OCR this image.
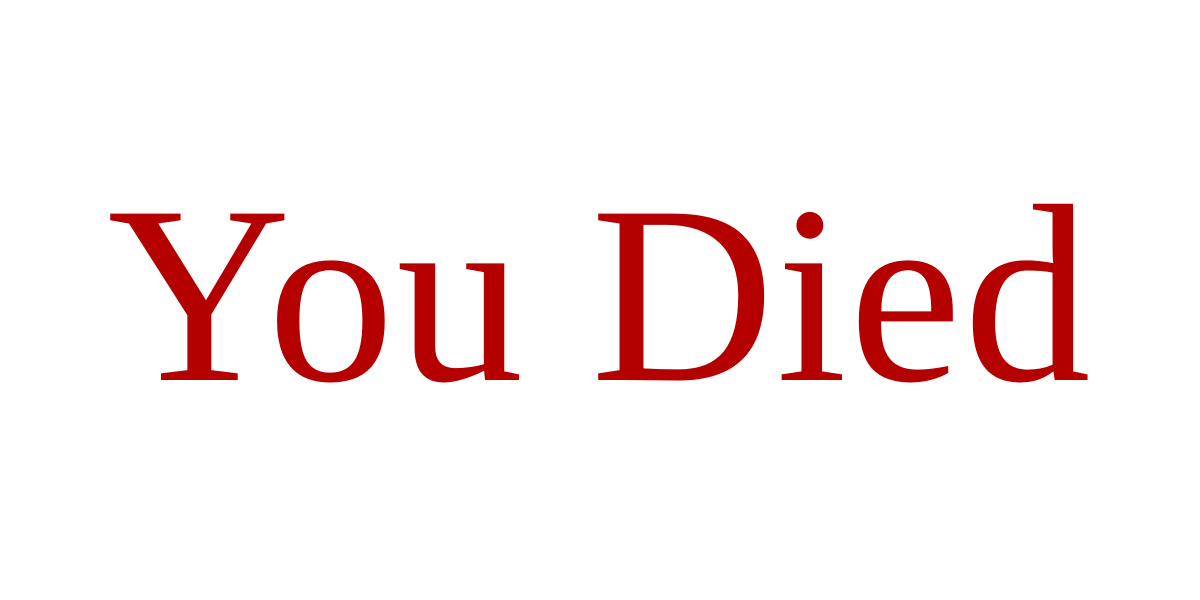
You Died
